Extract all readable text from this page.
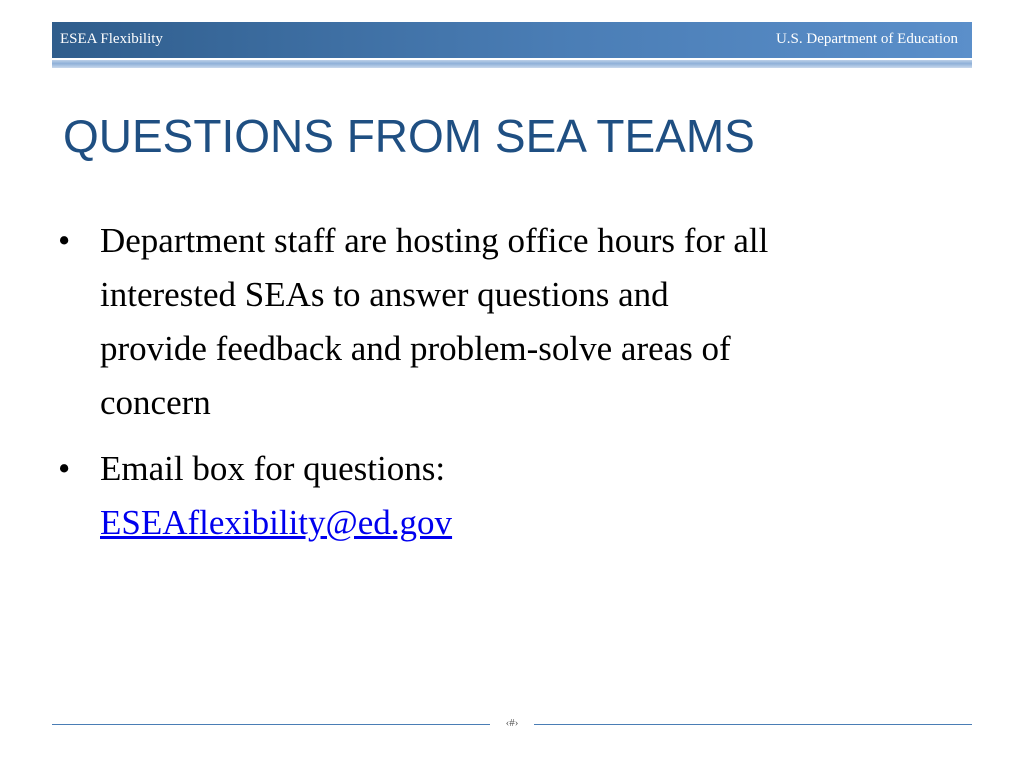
ESEA Flexibility	U.S. Department of Education
QUESTIONS FROM SEA TEAMS
• Department staff are hosting office hours for all
interested SEAs to answer questions and
provide feedback and problem-solve areas of
concern
• Email box for questions:
ESEAflexibility@ed.gov
‹#›
